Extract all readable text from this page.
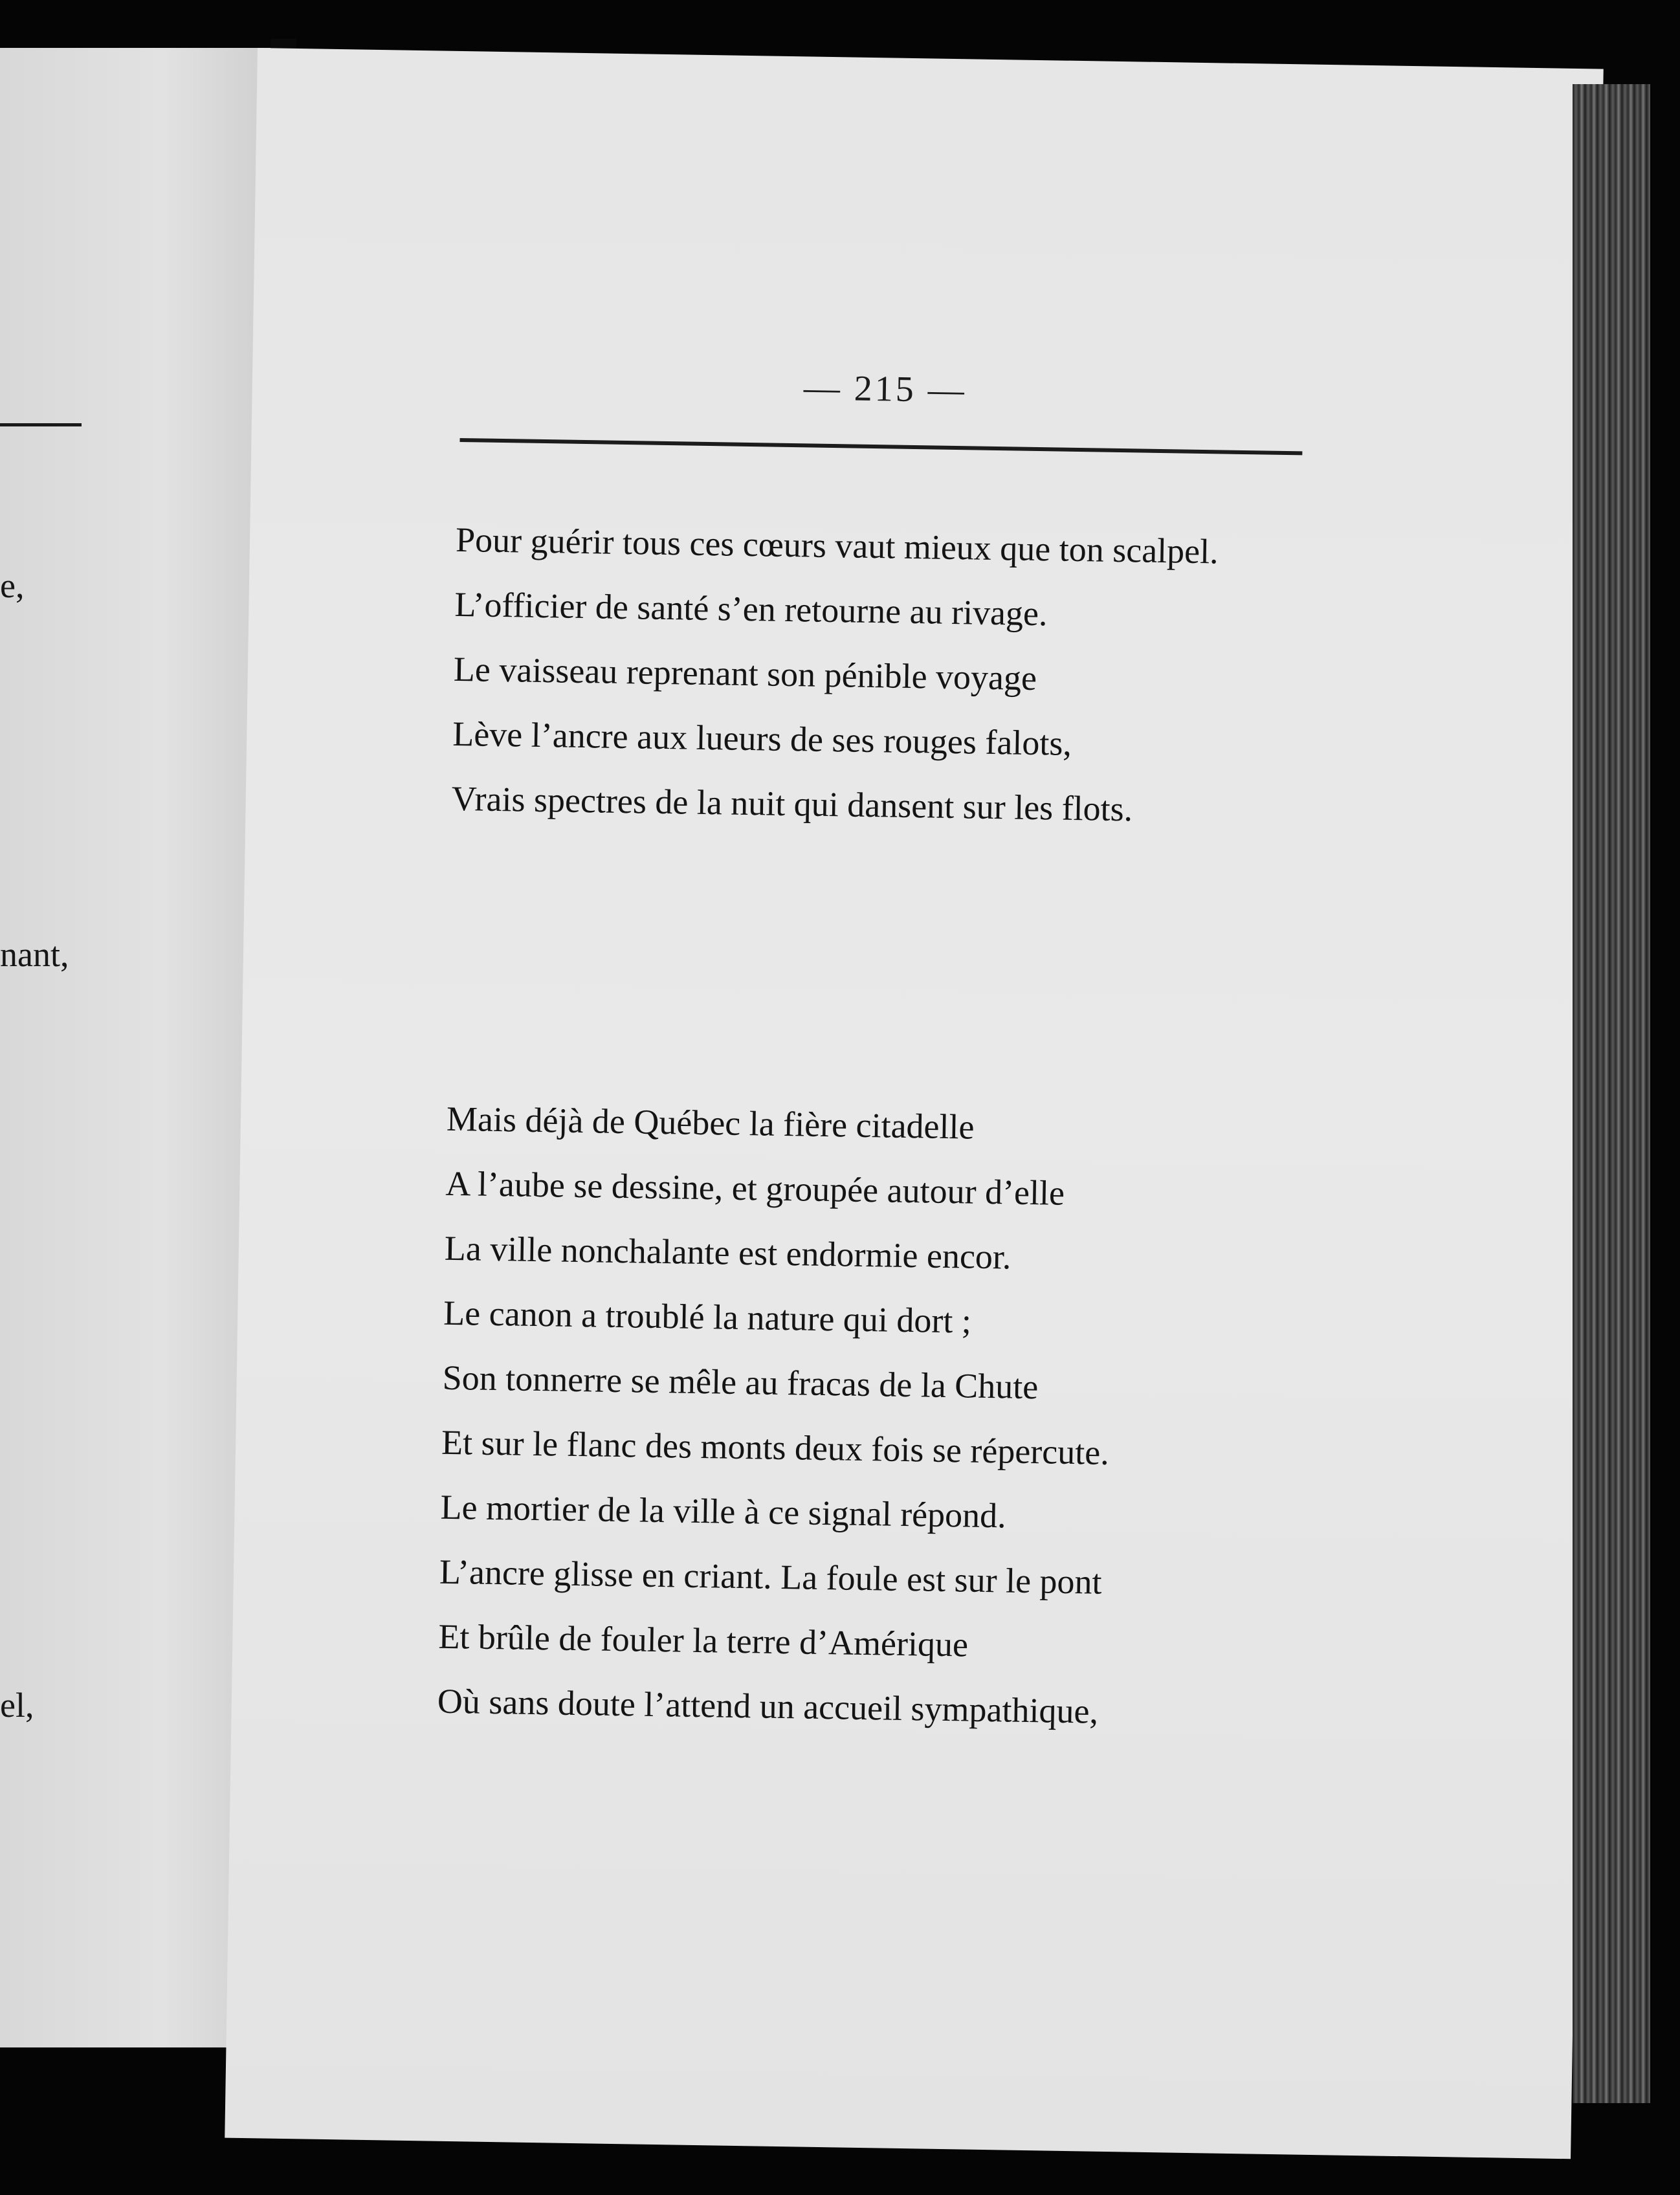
e,
nant,
el,
— 215 —
Pour guérir tous ces cœurs vaut mieux que ton scalpel.
L’officier de santé s’en retourne au rivage.
Le vaisseau reprenant son pénible voyage
Lève l’ancre aux lueurs de ses rouges falots,
Vrais spectres de la nuit qui dansent sur les flots.
Mais déjà de Québec la fière citadelle
A l’aube se dessine, et groupée autour d’elle
La ville nonchalante est endormie encor.
Le canon a troublé la nature qui dort ;
Son tonnerre se mêle au fracas de la Chute
Et sur le flanc des monts deux fois se répercute.
Le mortier de la ville à ce signal répond.
L’ancre glisse en criant. La foule est sur le pont
Et brûle de fouler la terre d’Amérique
Où sans doute l’attend un accueil sympathique,
